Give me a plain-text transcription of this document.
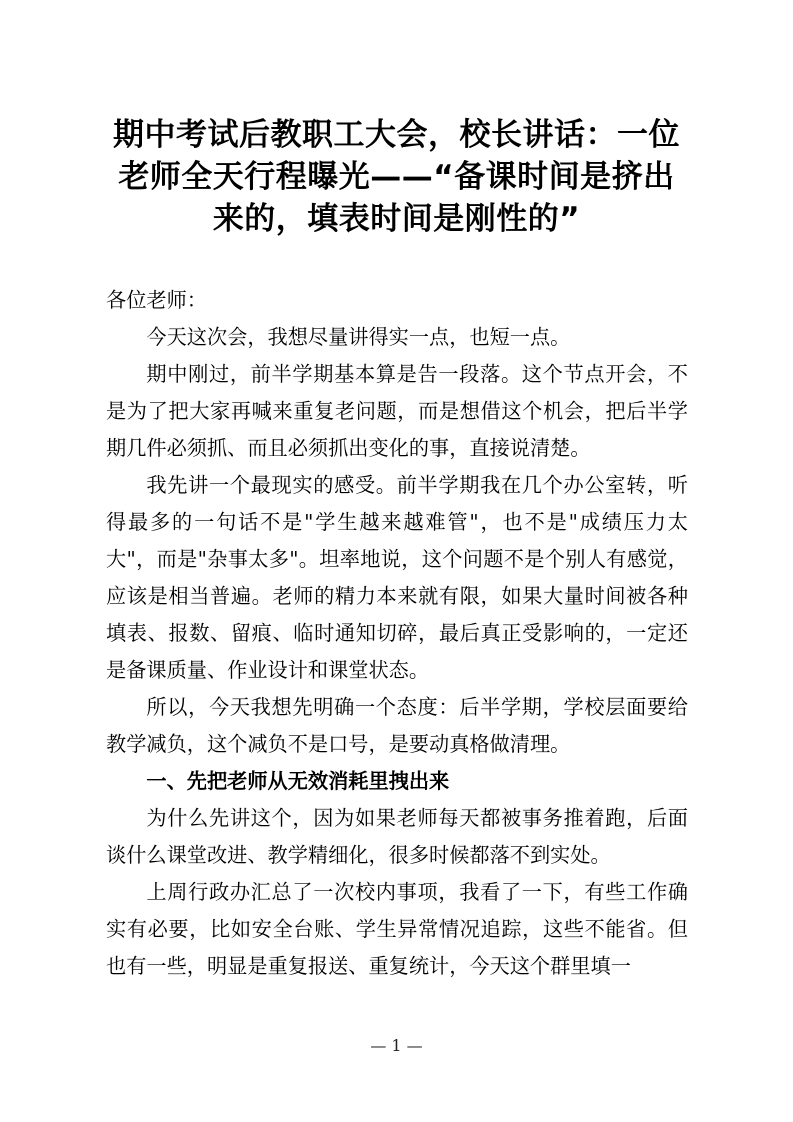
期中考试后教职工大会，校长讲话：一位
老师全天行程曝光——“备课时间是挤出
来的，填表时间是刚性的”

各位老师：

今天这次会，我想尽量讲得实一点，也短一点。

期中刚过，前半学期基本算是告一段落。这个节点开会，不是为了把大家再喊来重复老问题，而是想借这个机会，把后半学期几件必须抓、而且必须抓出变化的事，直接说清楚。

我先讲一个最现实的感受。前半学期我在几个办公室转，听得最多的一句话不是"学生越来越难管"，也不是"成绩压力太大"，而是"杂事太多"。坦率地说，这个问题不是个别人有感觉，应该是相当普遍。老师的精力本来就有限，如果大量时间被各种填表、报数、留痕、临时通知切碎，最后真正受影响的，一定还是备课质量、作业设计和课堂状态。

所以，今天我想先明确一个态度：后半学期，学校层面要给教学减负，这个减负不是口号，是要动真格做清理。

一、先把老师从无效消耗里拽出来

为什么先讲这个，因为如果老师每天都被事务推着跑，后面谈什么课堂改进、教学精细化，很多时候都落不到实处。

上周行政办汇总了一次校内事项，我看了一下，有些工作确实有必要，比如安全台账、学生异常情况追踪，这些不能省。但也有一些，明显是重复报送、重复统计，今天这个群里填一

— 1 —
